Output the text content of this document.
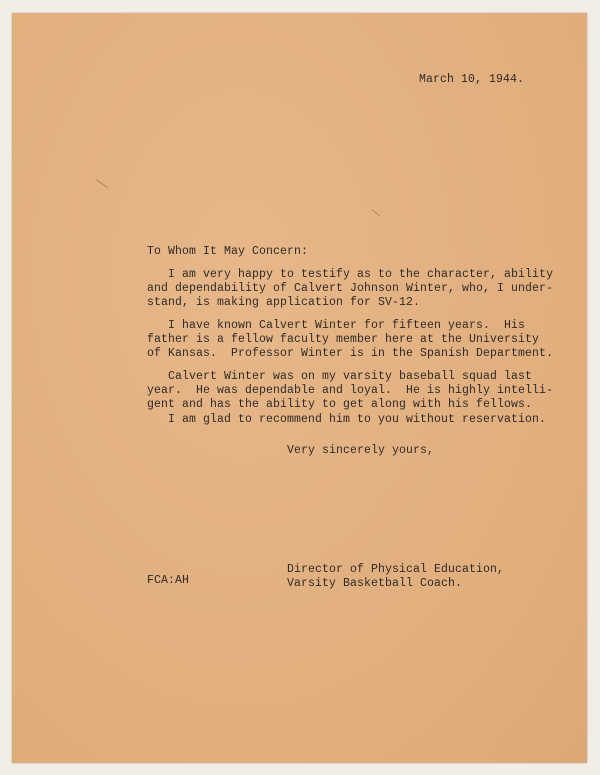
March 10, 1944.
To Whom It May Concern:
I am very happy to testify as to the character, ability
and dependability of Calvert Johnson Winter, who, I under-
stand, is making application for SV-12.
I have known Calvert Winter for fifteen years.  His
father is a fellow faculty member here at the University
of Kansas.  Professor Winter is in the Spanish Department.
Calvert Winter was on my varsity baseball squad last
year.  He was dependable and loyal.  He is highly intelli-
gent and has the ability to get along with his fellows.
I am glad to recommend him to you without reservation.
Very sincerely yours,
FCA:AH
Director of Physical Education,
Varsity Basketball Coach.
